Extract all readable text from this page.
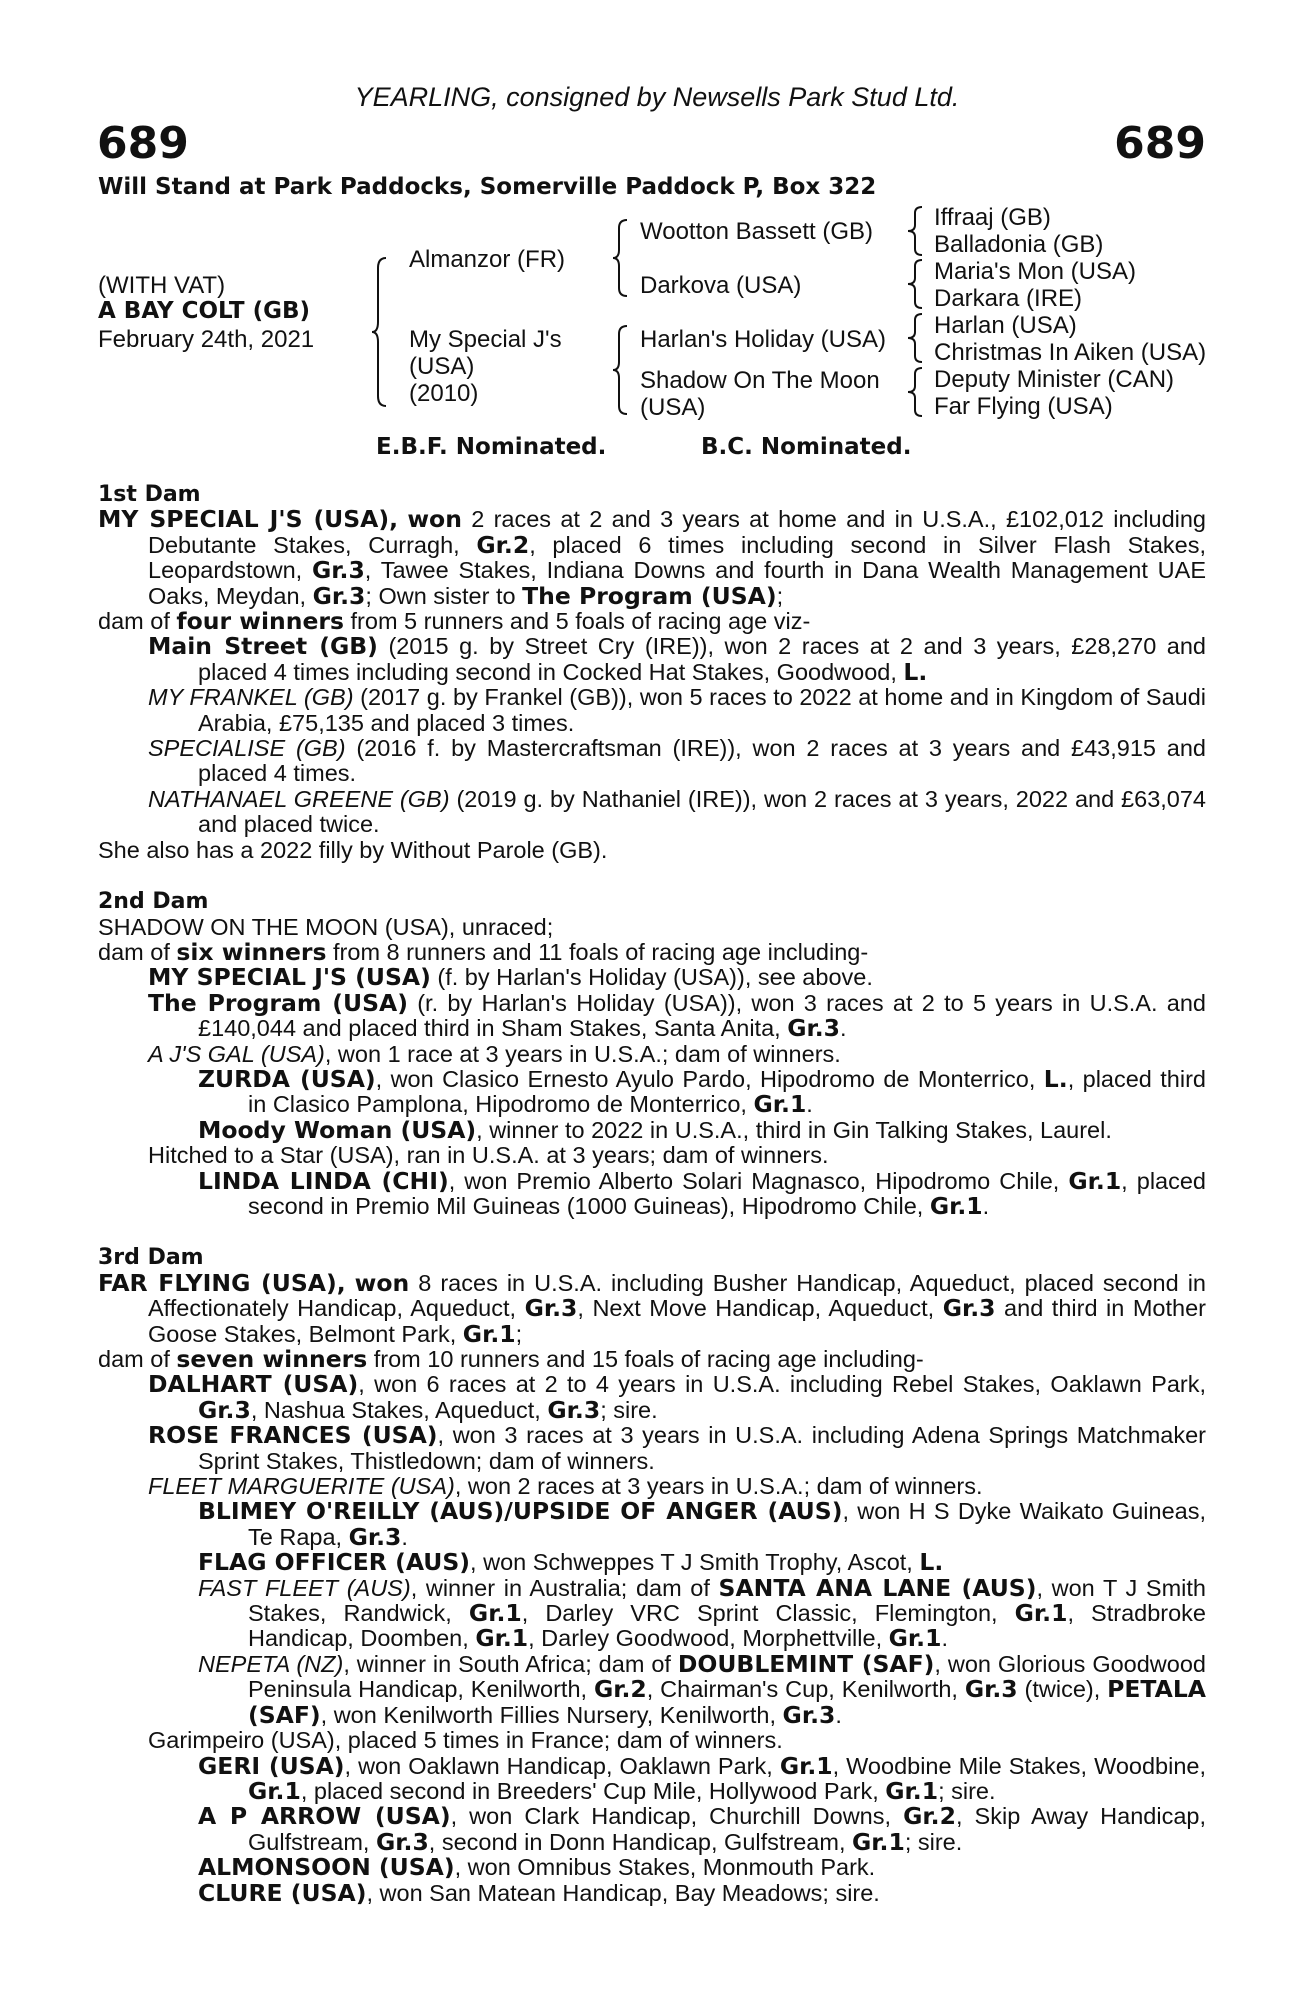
YEARLING, consigned by Newsells Park Stud Ltd.
689	689
Will Stand at Park Paddocks, Somerville Paddock P, Box 322
(WITH VAT)
A BAY COLT (GB)
February 24th, 2021
Almanzor (FR)
My Special J's
(USA)
(2010)
Wootton Bassett (GB)
Darkova (USA)
Harlan's Holiday (USA)
Shadow On The Moon
(USA)
Iffraaj (GB)
Balladonia (GB)
Maria's Mon (USA)
Darkara (IRE)
Harlan (USA)
Christmas In Aiken (USA)
Deputy Minister (CAN)
Far Flying (USA)
E.B.F. Nominated.	B.C. Nominated.

1st Dam

MY SPECIAL J'S (USA), won 2 races at 2 and 3 years at home and in U.S.A., £102,012 including Debutante Stakes, Curragh, Gr.2, placed 6 times including second in Silver Flash Stakes, Leopardstown, Gr.3, Tawee Stakes, Indiana Downs and fourth in Dana Wealth Management UAE Oaks, Meydan, Gr.3; Own sister to The Program (USA);

dam of four winners from 5 runners and 5 foals of racing age viz-

Main Street (GB) (2015 g. by Street Cry (IRE)), won 2 races at 2 and 3 years, £28,270 and placed 4 times including second in Cocked Hat Stakes, Goodwood, L.

MY FRANKEL (GB) (2017 g. by Frankel (GB)), won 5 races to 2022 at home and in Kingdom of Saudi Arabia, £75,135 and placed 3 times.

SPECIALISE (GB) (2016 f. by Mastercraftsman (IRE)), won 2 races at 3 years and £43,915 and placed 4 times.

NATHANAEL GREENE (GB) (2019 g. by Nathaniel (IRE)), won 2 races at 3 years, 2022 and £63,074 and placed twice.

She also has a 2022 filly by Without Parole (GB).

2nd Dam

SHADOW ON THE MOON (USA), unraced;

dam of six winners from 8 runners and 11 foals of racing age including-

MY SPECIAL J'S (USA) (f. by Harlan's Holiday (USA)), see above.

The Program (USA) (r. by Harlan's Holiday (USA)), won 3 races at 2 to 5 years in U.S.A. and £140,044 and placed third in Sham Stakes, Santa Anita, Gr.3.

A J'S GAL (USA), won 1 race at 3 years in U.S.A.; dam of winners.

ZURDA (USA), won Clasico Ernesto Ayulo Pardo, Hipodromo de Monterrico, L., placed third in Clasico Pamplona, Hipodromo de Monterrico, Gr.1.

Moody Woman (USA), winner to 2022 in U.S.A., third in Gin Talking Stakes, Laurel.

Hitched to a Star (USA), ran in U.S.A. at 3 years; dam of winners.

LINDA LINDA (CHI), won Premio Alberto Solari Magnasco, Hipodromo Chile, Gr.1, placed second in Premio Mil Guineas (1000 Guineas), Hipodromo Chile, Gr.1.

3rd Dam

FAR FLYING (USA), won 8 races in U.S.A. including Busher Handicap, Aqueduct, placed second in Affectionately Handicap, Aqueduct, Gr.3, Next Move Handicap, Aqueduct, Gr.3 and third in Mother Goose Stakes, Belmont Park, Gr.1;

dam of seven winners from 10 runners and 15 foals of racing age including-

DALHART (USA), won 6 races at 2 to 4 years in U.S.A. including Rebel Stakes, Oaklawn Park, Gr.3, Nashua Stakes, Aqueduct, Gr.3; sire.

ROSE FRANCES (USA), won 3 races at 3 years in U.S.A. including Adena Springs Matchmaker Sprint Stakes, Thistledown; dam of winners.

FLEET MARGUERITE (USA), won 2 races at 3 years in U.S.A.; dam of winners.

BLIMEY O'REILLY (AUS)/UPSIDE OF ANGER (AUS), won H S Dyke Waikato Guineas, Te Rapa, Gr.3.

FLAG OFFICER (AUS), won Schweppes T J Smith Trophy, Ascot, L.

FAST FLEET (AUS), winner in Australia; dam of SANTA ANA LANE (AUS), won T J Smith Stakes, Randwick, Gr.1, Darley VRC Sprint Classic, Flemington, Gr.1, Stradbroke Handicap, Doomben, Gr.1, Darley Goodwood, Morphettville, Gr.1.

NEPETA (NZ), winner in South Africa; dam of DOUBLEMINT (SAF), won Glorious Goodwood Peninsula Handicap, Kenilworth, Gr.2, Chairman's Cup, Kenilworth, Gr.3 (twice), PETALA (SAF), won Kenilworth Fillies Nursery, Kenilworth, Gr.3.

Garimpeiro (USA), placed 5 times in France; dam of winners.

GERI (USA), won Oaklawn Handicap, Oaklawn Park, Gr.1, Woodbine Mile Stakes, Woodbine, Gr.1, placed second in Breeders' Cup Mile, Hollywood Park, Gr.1; sire.

A P ARROW (USA), won Clark Handicap, Churchill Downs, Gr.2, Skip Away Handicap, Gulfstream, Gr.3, second in Donn Handicap, Gulfstream, Gr.1; sire.

ALMONSOON (USA), won Omnibus Stakes, Monmouth Park.

CLURE (USA), won San Matean Handicap, Bay Meadows; sire.
